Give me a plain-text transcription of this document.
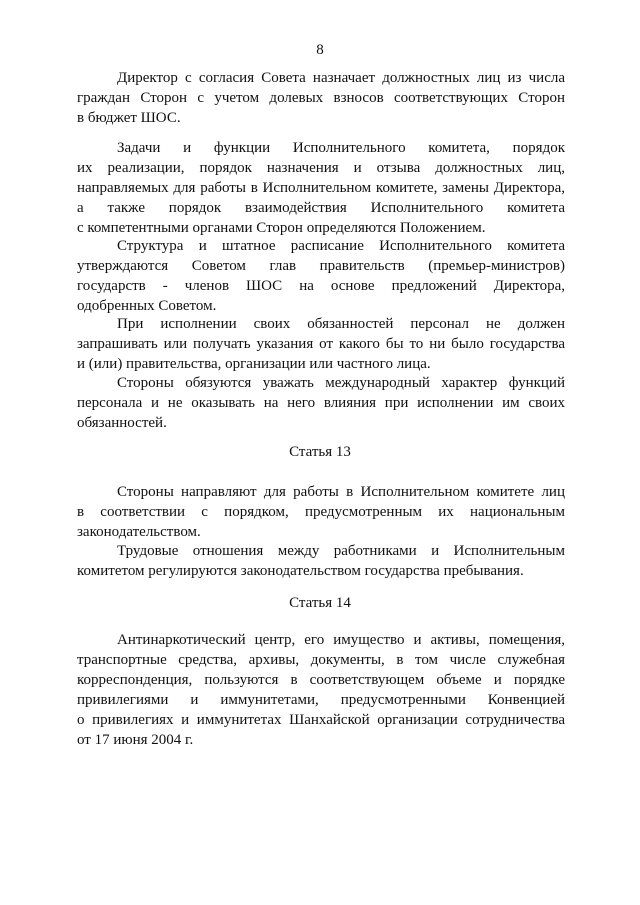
8
Директор с согласия Совета назначает должностных лиц из числа
граждан Сторон с учетом долевых взносов соответствующих Сторон
в бюджет ШОС.
Задачи и функции Исполнительного комитета, порядок
их реализации, порядок назначения и отзыва должностных лиц,
направляемых для работы в Исполнительном комитете, замены Директора,
а также порядок взаимодействия Исполнительного комитета
с компетентными органами Сторон определяются Положением.
Структура и штатное расписание Исполнительного комитета
утверждаются Советом глав правительств (премьер-министров)
государств - членов ШОС на основе предложений Директора,
одобренных Советом.
При исполнении своих обязанностей персонал не должен
запрашивать или получать указания от какого бы то ни было государства
и (или) правительства, организации или частного лица.
Стороны обязуются уважать международный характер функций
персонала и не оказывать на него влияния при исполнении им своих
обязанностей.
Статья 13
Стороны направляют для работы в Исполнительном комитете лиц
в соответствии с порядком, предусмотренным их национальным
законодательством.
Трудовые отношения между работниками и Исполнительным
комитетом регулируются законодательством государства пребывания.
Статья 14
Антинаркотический центр, его имущество и активы, помещения,
транспортные средства, архивы, документы, в том числе служебная
корреспонденция, пользуются в соответствующем объеме и порядке
привилегиями и иммунитетами, предусмотренными Конвенцией
о привилегиях и иммунитетах Шанхайской организации сотрудничества
от 17 июня 2004 г.
